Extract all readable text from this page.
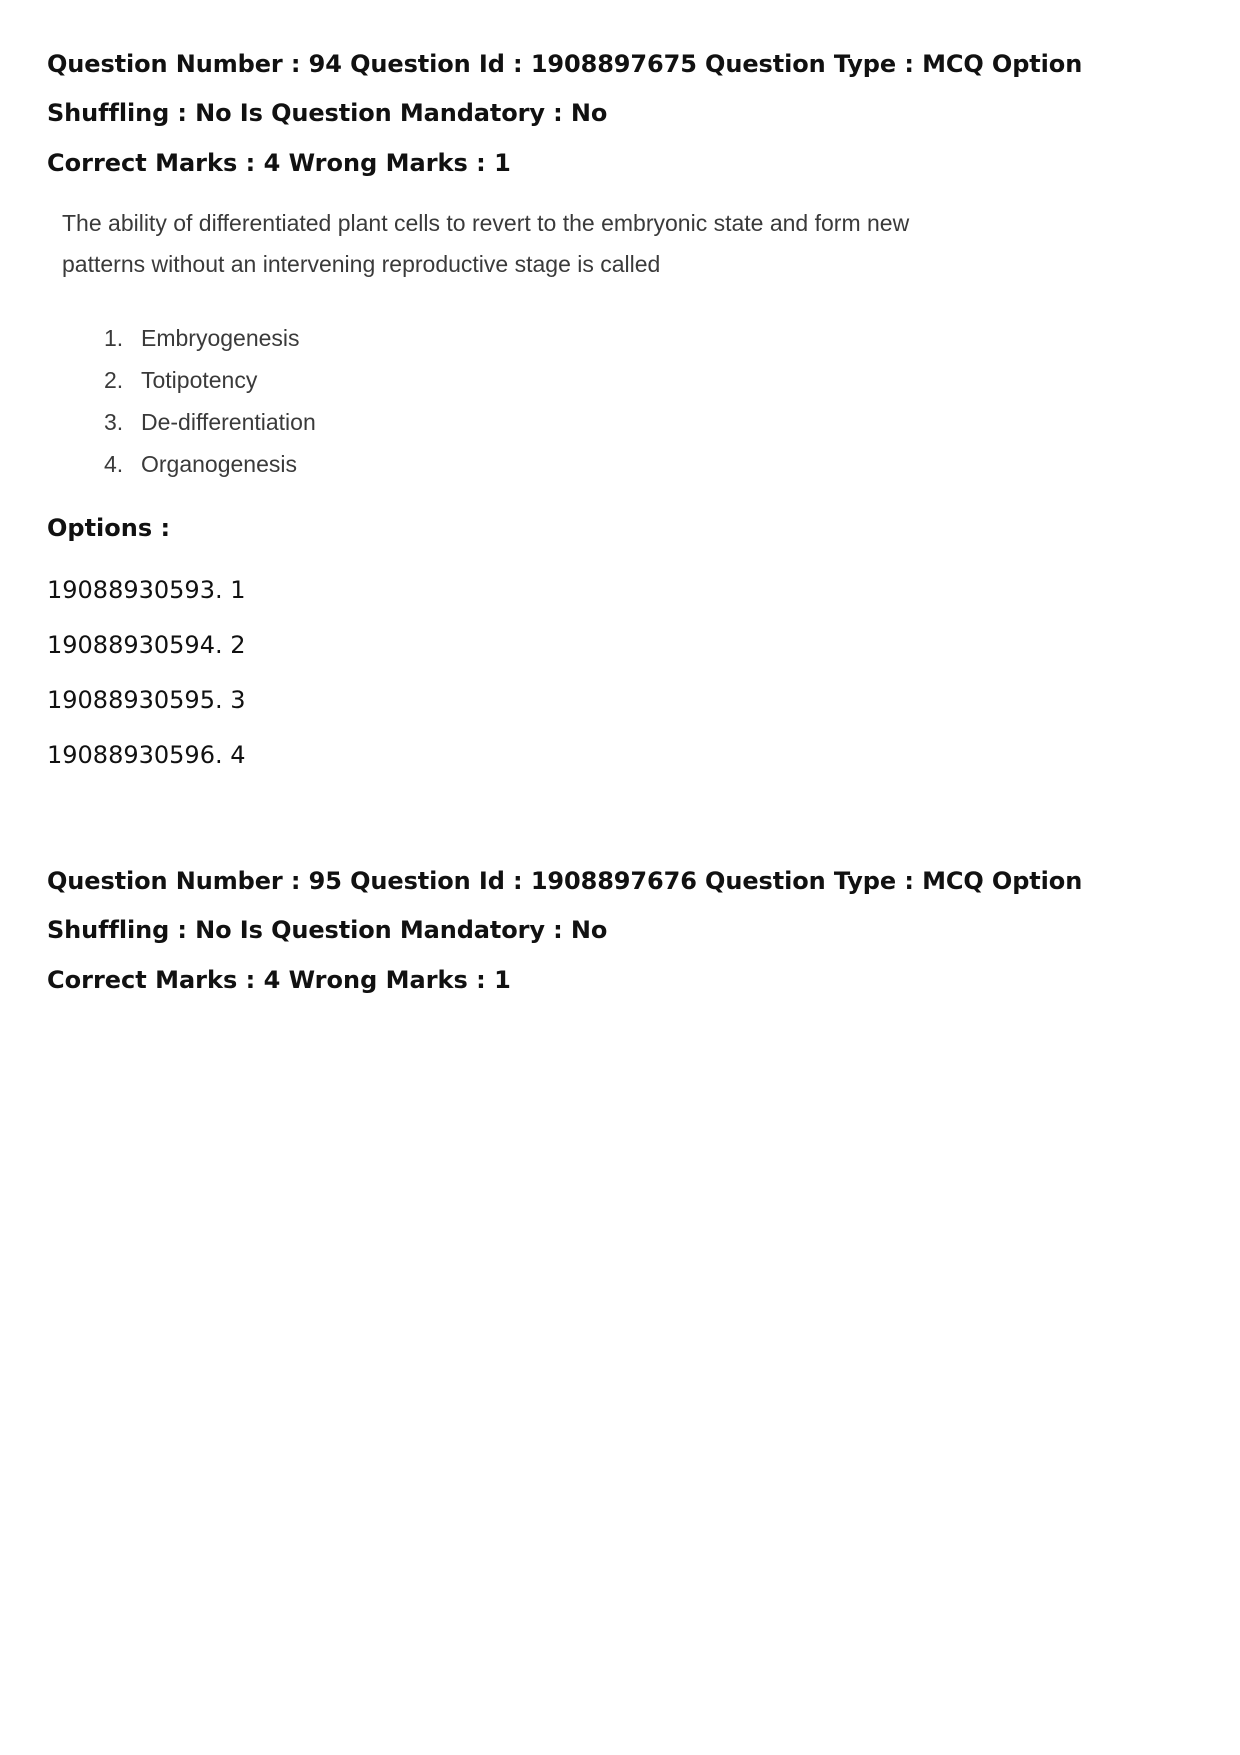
Question Number : 94 Question Id : 1908897675 Question Type : MCQ Option Shuffling : No Is Question Mandatory : No

Correct Marks : 4 Wrong Marks : 1

The ability of differentiated plant cells to revert to the embryonic state and form new patterns without an intervening reproductive stage is called

1. Embryogenesis
2. Totipotency
3. De-differentiation
4. Organogenesis

Options :

19088930593. 1
19088930594. 2
19088930595. 3
19088930596. 4

Question Number : 95 Question Id : 1908897676 Question Type : MCQ Option Shuffling : No Is Question Mandatory : No

Correct Marks : 4 Wrong Marks : 1
